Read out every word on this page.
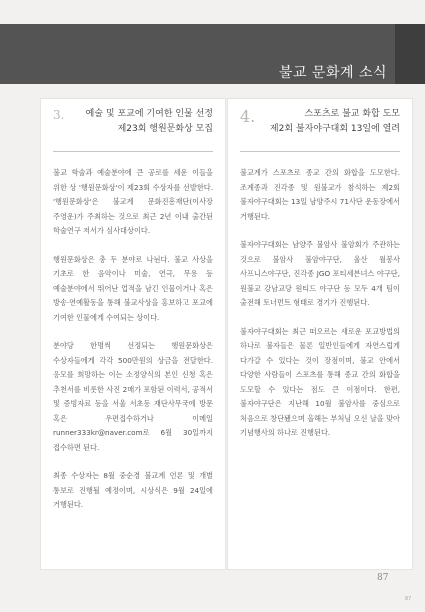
불교 문화계 소식
3. 예술 및 포교에 기여한 인물 선정
제23회 행원문화상 모집

불교 학술과 예술분야에 큰 공로를 세운 이들을 위한 상 '행원문화상'이 제23회 수상자를 선발한다. '행원문화상'은 불교계 문화진흥재단(이사장 주영운)가 주최하는 것으로 최근 2년 이내 출간된 학술연구 저서가 심사대상이다.

행원문화상은 총 두 분야로 나뉜다. 불교 사상을 기초로 한 음악이나 미술, 연극, 무용 등 예술분야에서 뛰어난 업적을 남긴 인물이거나 혹은 방송·연예활동을 통해 불교사상을 홍보하고 포교에 기여한 인물에게 수여되는 상이다.

분야당 한명씩 선정되는 행원문화상은 수상자들에게 각각 500만원의 상금을 전달한다. 응모를 희망하는 이는 소정양식의 본인 신청 혹은 추천서를 비롯한 사진 2매가 포함된 이력서, 공적서 및 증빙자료 등을 서울 서초동 재단사무국에 방문 혹은 우편접수하거나 이메일 runner333kr@naver.com로 6월 30일까지 접수하면 된다.

최종 수상자는 8월 중순경 불교계 언론 및 개별 통보로 진행될 예정이며, 시상식은 9월 24일에 거행된다.

4.	스포츠로 불교 화합 도모
제2회 불자야구대회 13일에 열려

불교계가 스포츠로 종교 간의 화합을 도모한다. 조계종과 진각종 및 원불교가 참석하는 제2회 불자야구대회는 13일 남양주시 71사단 운동장에서 거행된다.

불자야구대회는 남양주 불암사 불암회가 주관하는 것으로 불암사 불암야구단, 울산 월봉사 사프니스야구단, 진각종 JGO 포티세븐녀스 야구단, 원불교 강남교당 원티드 야구단 등 모두 4개 팀이 출전해 토너먼트 형태로 경기가 진행된다.

불자야구대회는 최근 떠오르는 새로운 포교방법의 하나로 불자들은 물론 일반인들에게 자연스럽게 다가갈 수 있다는 것이 장점이며, 불교 안에서 다양한 사람들이 스포츠를 통해 종교 간의 화합을 도모할 수 있다는 점도 큰 이점이다. 한편, 불자야구단은 지난해 10월 불암사를 중심으로 처음으로 창단됐으며 올해는 부처님 오신 날을 맞아 기념행사의 하나로 진행된다.

87
87
